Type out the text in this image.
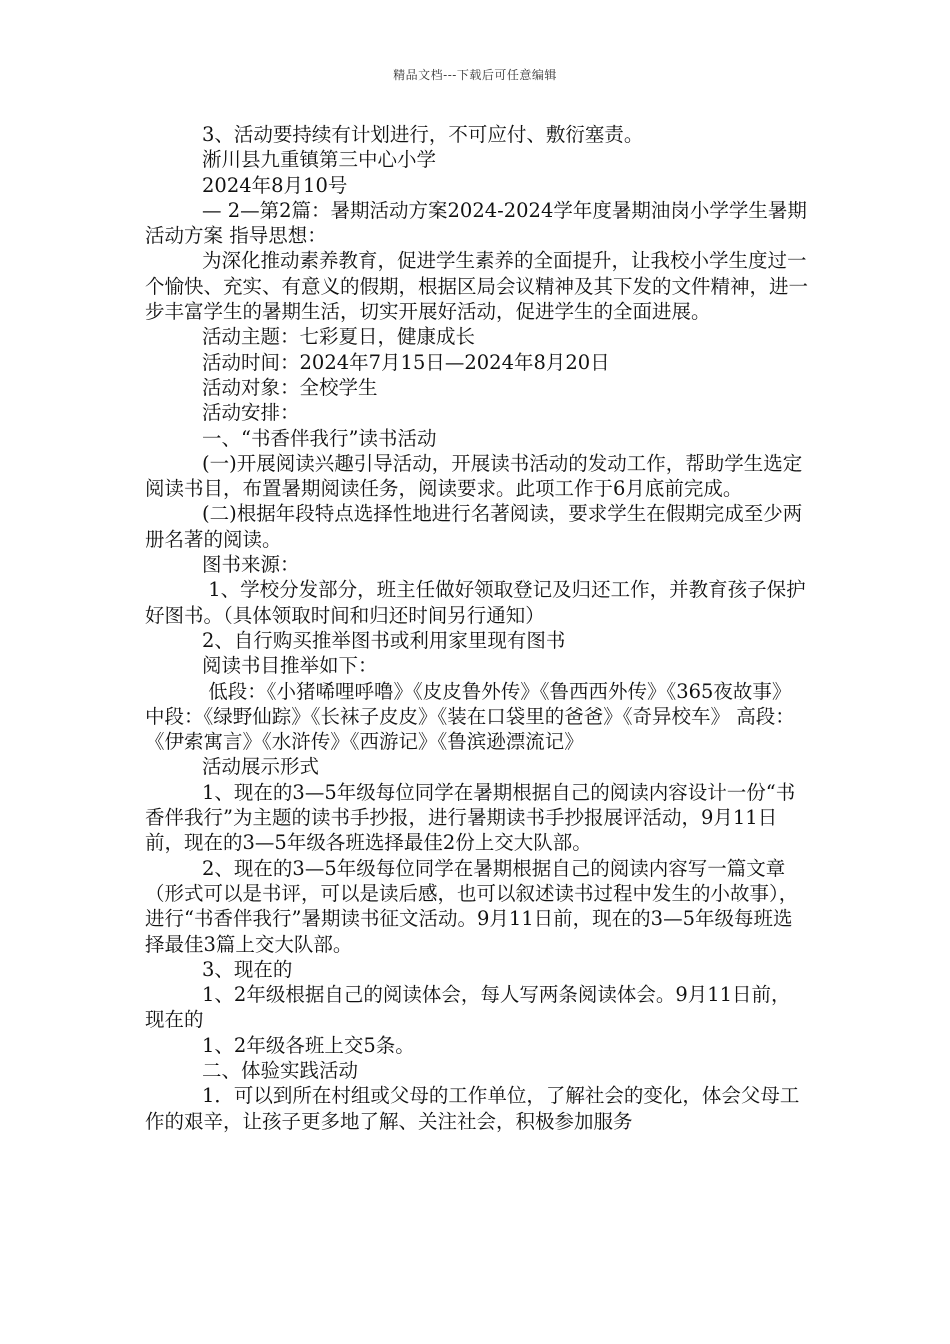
精品文档---下载后可任意编辑

3、活动要持续有计划进行，不可应付、敷衍塞责。

淅川县九重镇第三中心小学

2024年8月10号

— 2—第2篇：暑期活动方案2024-2024学年度暑期油岗小学学生暑期活动方案 指导思想：

为深化推动素养教育，促进学生素养的全面提升，让我校小学生度过一个愉快、充实、有意义的假期，根据区局会议精神及其下发的文件精神，进一步丰富学生的暑期生活，切实开展好活动，促进学生的全面进展。

活动主题：七彩夏日，健康成长

活动时间：2024年7月15日—2024年8月20日

活动对象：全校学生

活动安排：

一、“书香伴我行”读书活动

(一)开展阅读兴趣引导活动，开展读书活动的发动工作，帮助学生选定阅读书目，布置暑期阅读任务，阅读要求。此项工作于6月底前完成。

(二)根据年段特点选择性地进行名著阅读，要求学生在假期完成至少两册名著的阅读。

图书来源：

1、学校分发部分，班主任做好领取登记及归还工作，并教育孩子保护好图书。（具体领取时间和归还时间另行通知）

2、自行购买推举图书或利用家里现有图书

阅读书目推举如下：

低段：《小猪唏哩呼噜》《皮皮鲁外传》《鲁西西外传》《365夜故事》 中段：《绿野仙踪》《长袜子皮皮》《装在口袋里的爸爸》《奇异校车》 高段：《伊索寓言》《水浒传》《西游记》《鲁滨逊漂流记》

活动展示形式

1、现在的3—5年级每位同学在暑期根据自己的阅读内容设计一份“书香伴我行”为主题的读书手抄报，进行暑期读书手抄报展评活动，9月11日前，现在的3—5年级各班选择最佳2份上交大队部。

2、现在的3—5年级每位同学在暑期根据自己的阅读内容写一篇文章（形式可以是书评，可以是读后感，也可以叙述读书过程中发生的小故事），进行“书香伴我行”暑期读书征文活动。9月11日前，现在的3—5年级每班选择最佳3篇上交大队部。

3、现在的

1、2年级根据自己的阅读体会，每人写两条阅读体会。9月11日前，现在的

1、2年级各班上交5条。

二、体验实践活动

1．可以到所在村组或父母的工作单位，了解社会的变化，体会父母工作的艰辛，让孩子更多地了解、关注社会，积极参加服务
